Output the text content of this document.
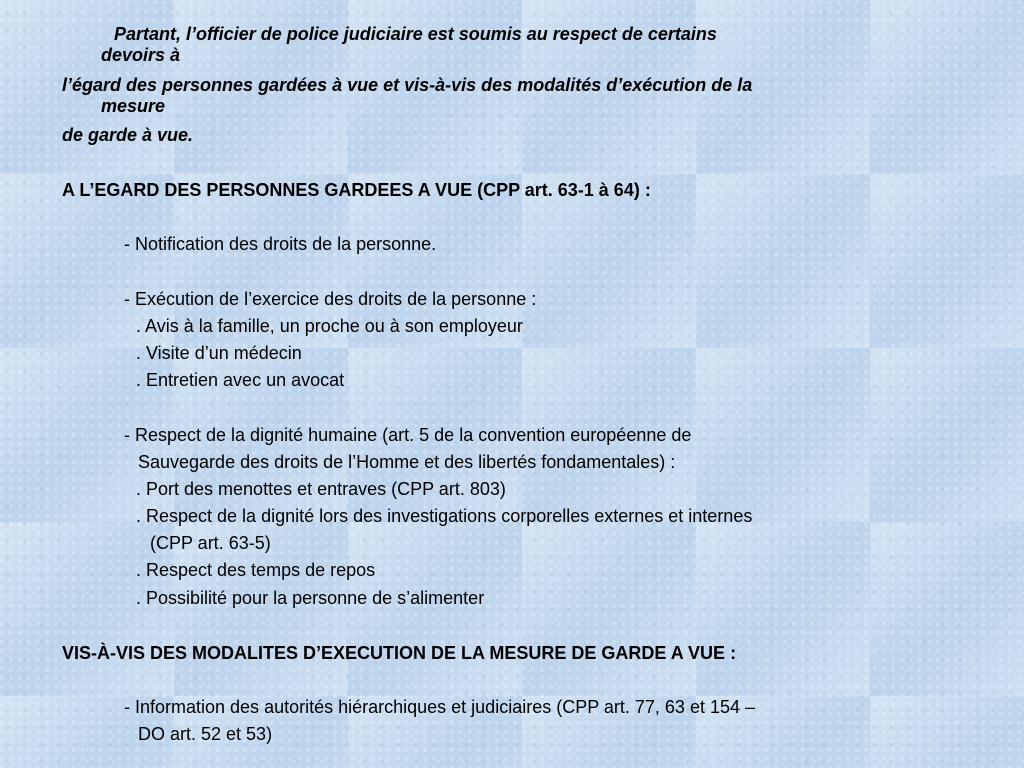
Partant, l’officier de police judiciaire est soumis au respect de certains
devoirs à
l’égard des personnes gardées à vue et vis-à-vis des modalités d’exécution de la
mesure
de garde à vue.
A L’EGARD DES PERSONNES GARDEES A VUE (CPP art. 63-1 à 64) :
- Notification des droits de la personne.
- Exécution de l’exercice des droits de la personne :
. Avis à la famille, un proche ou à son employeur
. Visite d’un médecin
. Entretien avec un avocat
- Respect de la dignité humaine (art. 5 de la convention européenne de
Sauvegarde des droits de l’Homme et des libertés fondamentales) :
. Port des menottes et entraves (CPP art. 803)
. Respect de la dignité lors des investigations corporelles externes et internes
(CPP art. 63-5)
. Respect des temps de repos
. Possibilité pour la personne de s’alimenter
VIS-À-VIS DES MODALITES D’EXECUTION DE LA MESURE DE GARDE A VUE :
- Information des autorités hiérarchiques et judiciaires (CPP art. 77, 63 et 154 –
DO art. 52 et 53)
